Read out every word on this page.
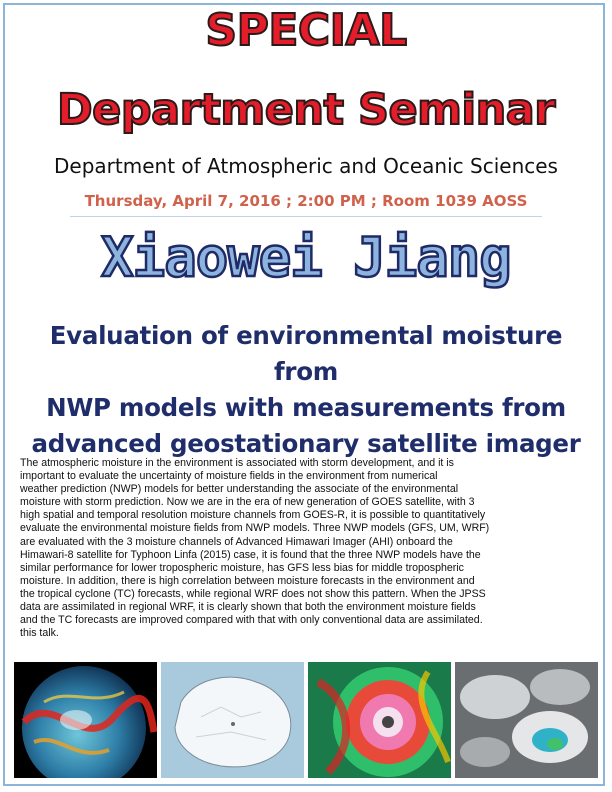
SPECIAL
Department Seminar
Department of Atmospheric and Oceanic Sciences
Thursday, April 7, 2016 ; 2:00 PM ; Room 1039 AOSS
Xiaowei Jiang
Evaluation of environmental moisture from
NWP models with measurements from
advanced geostationary satellite imager
The atmospheric moisture in the environment is associated with storm development, and it is
important to evaluate the uncertainty of moisture fields in the environment from numerical
weather prediction (NWP) models for better understanding the associate of the environmental
moisture with storm prediction. Now we are in the era of new generation of GOES satellite, with 3
high spatial and temporal resolution moisture channels from GOES-R, it is possible to quantitatively
evaluate the environmental moisture fields from NWP models. Three NWP models (GFS, UM, WRF)
are evaluated with the 3 moisture channels of Advanced Himawari Imager (AHI) onboard the
Himawari-8 satellite for Typhoon Linfa (2015) case, it is found that the three NWP models have the
similar performance for lower tropospheric moisture, has GFS less bias for middle tropospheric
moisture. In addition, there is high correlation between moisture forecasts in the environment and
the tropical cyclone (TC) forecasts, while regional WRF does not show this pattern. When the JPSS
data are assimilated in regional WRF, it is clearly shown that both the environment moisture fields
and the TC forecasts are improved compared with that with only conventional data are assimilated.
this talk.
